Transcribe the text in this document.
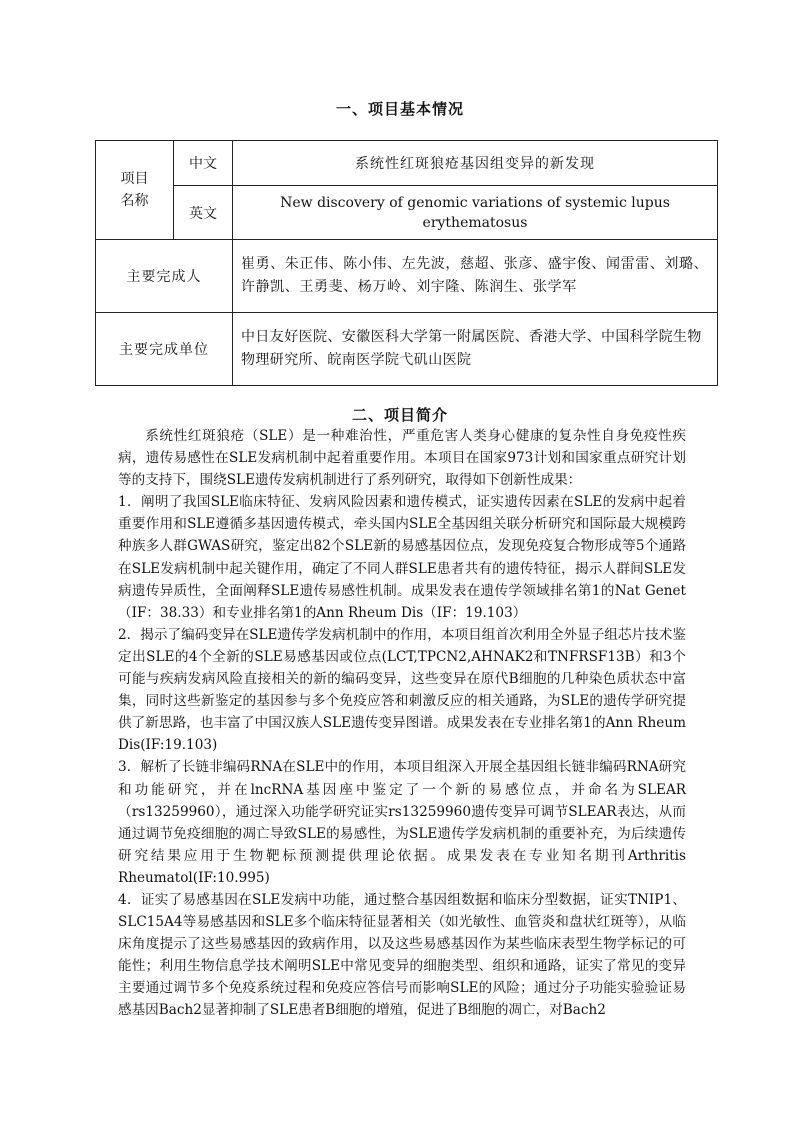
一、项目基本情况
项目
名称	中文	系统性红斑狼疮基因组变异的新发现
	英文	New discovery of genomic variations of systemic lupus erythematosus
主要完成人		崔勇、朱正伟、陈小伟、左先波，慈超、张彦、盛宇俊、闻雷雷、刘璐、许静凯、王勇斐、杨万岭、刘宇隆、陈润生、张学军
主要完成单位		中日友好医院、安徽医科大学第一附属医院、香港大学、中国科学院生物物理研究所、皖南医学院弋矶山医院
二、项目简介

系统性红斑狼疮（SLE）是一种难治性，严重危害人类身心健康的复杂性自身免疫性疾病，遗传易感性在SLE发病机制中起着重要作用。本项目在国家973计划和国家重点研究计划等的支持下，围绕SLE遗传发病机制进行了系列研究，取得如下创新性成果：

1．阐明了我国SLE临床特征、发病风险因素和遗传模式，证实遗传因素在SLE的发病中起着重要作用和SLE遵循多基因遗传模式，牵头国内SLE全基因组关联分析研究和国际最大规模跨种族多人群GWAS研究，鉴定出82个SLE新的易感基因位点，发现免疫复合物形成等5个通路在SLE发病机制中起关键作用，确定了不同人群SLE患者共有的遗传特征，揭示人群间SLE发病遗传异质性，全面阐释SLE遗传易感性机制。成果发表在遗传学领域排名第1的Nat Genet（IF：38.33）和专业排名第1的Ann Rheum Dis（IF：19.103）

2．揭示了编码变异在SLE遗传学发病机制中的作用，本项目组首次利用全外显子组芯片技术鉴定出SLE的4个全新的SLE易感基因或位点(LCT,TPCN2,AHNAK2和TNFRSF13B）和3个可能与疾病发病风险直接相关的新的编码变异，这些变异在原代B细胞的几种染色质状态中富集，同时这些新鉴定的基因参与多个免疫应答和刺激反应的相关通路，为SLE的遗传学研究提供了新思路，也丰富了中国汉族人SLE遗传变异图谱。成果发表在专业排名第1的Ann Rheum Dis(IF:19.103)

3．解析了长链非编码RNA在SLE中的作用，本项目组深入开展全基因组长链非编码RNA研究和功能研究，并在lncRNA基因座中鉴定了一个新的易感位点，并命名为SLEAR（rs13259960），通过深入功能学研究证实rs13259960遗传变异可调节SLEAR表达，从而通过调节免疫细胞的凋亡导致SLE的易感性，为SLE遗传学发病机制的重要补充，为后续遗传研究结果应用于生物靶标预测提供理论依据。成果发表在专业知名期刊Arthritis Rheumatol(IF:10.995)

4．证实了易感基因在SLE发病中功能，通过整合基因组数据和临床分型数据，证实TNIP1、SLC15A4等易感基因和SLE多个临床特征显著相关（如光敏性、血管炎和盘状红斑等），从临床角度提示了这些易感基因的致病作用，以及这些易感基因作为某些临床表型生物学标记的可能性；利用生物信息学技术阐明SLE中常见变异的细胞类型、组织和通路，证实了常见的变异主要通过调节多个免疫系统过程和免疫应答信号而影响SLE的风险；通过分子功能实验验证易感基因Bach2显著抑制了SLE患者B细胞的增殖，促进了B细胞的凋亡，对Bach2
